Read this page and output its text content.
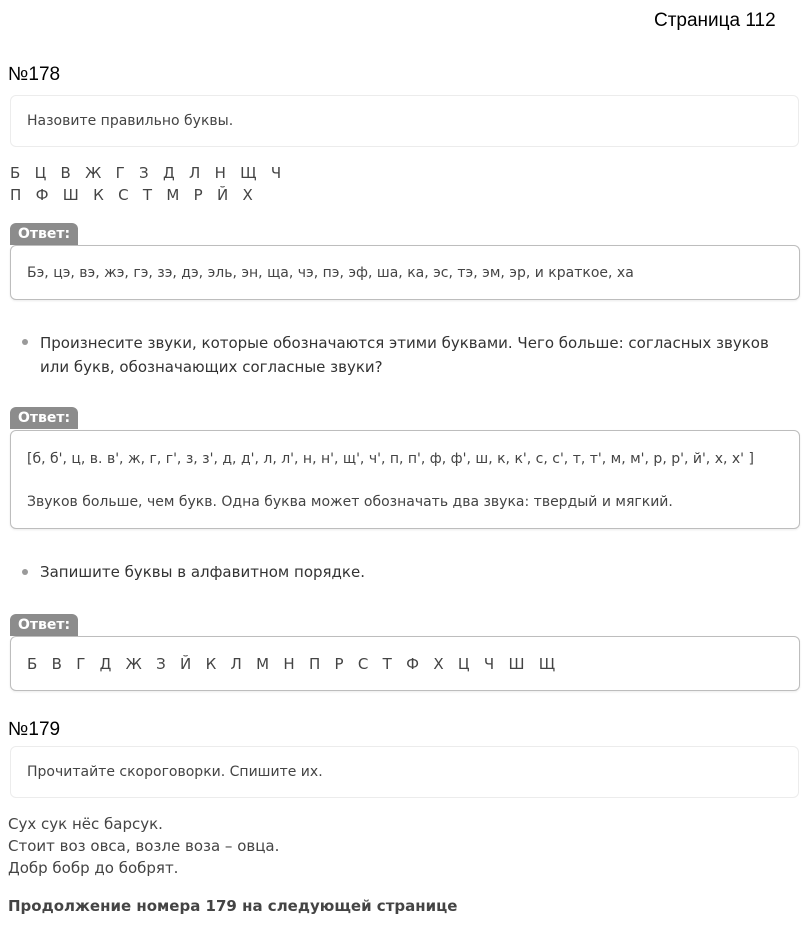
Страница 112
№178
Назовите правильно буквы.
Б   Ц   В   Ж   Г   З   Д   Л   Н   Щ   Ч
П   Ф   Ш   К   С   Т   М   Р   Й   Х
Ответ:
Бэ, цэ, вэ, жэ, гэ, зэ, дэ, эль, эн, ща, чэ, пэ, эф, ша, ка, эс, тэ, эм, эр, и краткое, ха
Произнесите звуки, которые обозначаются этими буквами. Чего больше: согласных звуков или букв, обозначающих согласные звуки?
Ответ:
[б, б', ц, в. в', ж, г, г', з, з', д, д', л, л', н, н', щ', ч', п, п', ф, ф', ш, к, к', с, с', т, т', м, м', р, р', й', х, х' ]
Звуков больше, чем букв. Одна буква может обозначать два звука: твердый и мягкий.
Запишите буквы в алфавитном порядке.
Ответ:
Б   В   Г   Д   Ж   З   Й   К   Л   М   Н   П   Р   С   Т   Ф   Х   Ц   Ч   Ш   Щ
№179
Прочитайте скороговорки. Спишите их.
Сух сук нёс барсук.
Стоит воз овса, возле воза – овца.
Добр бобр до бобрят.
Продолжение номера 179 на следующей странице
